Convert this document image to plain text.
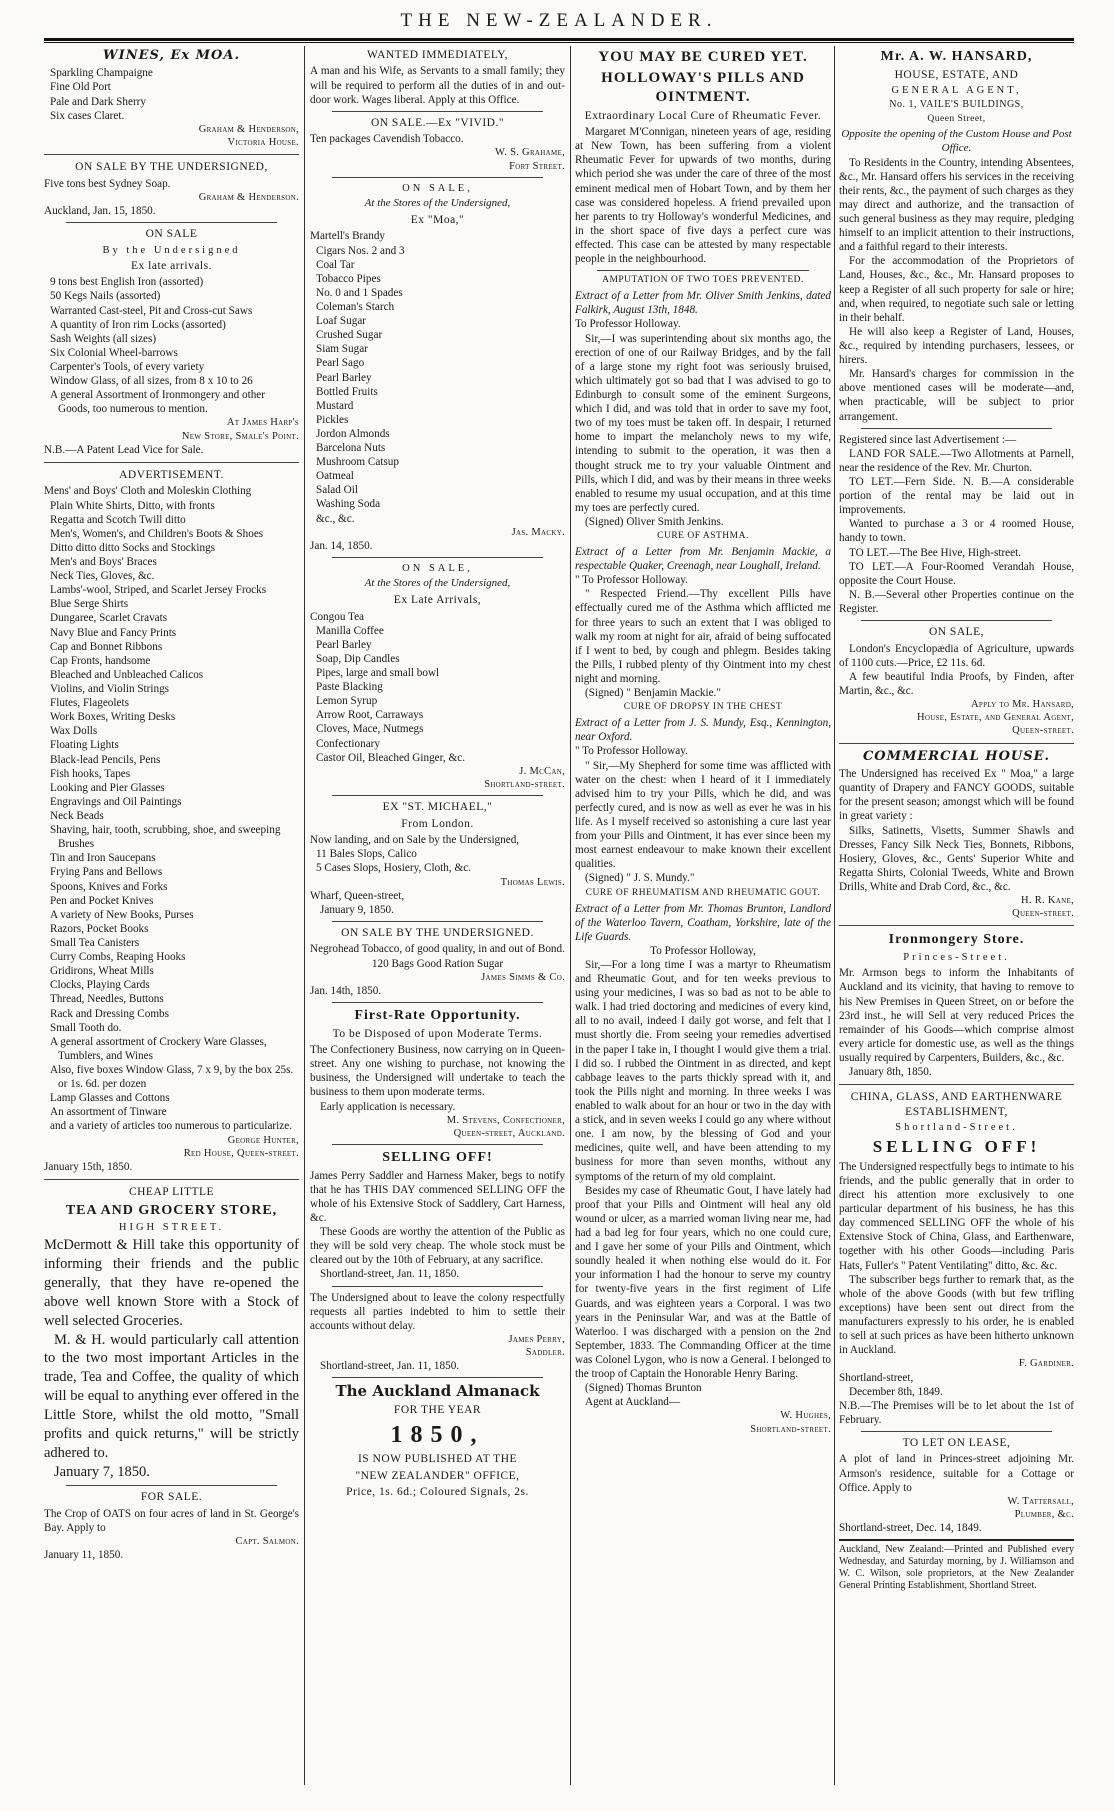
THE NEW-ZEALANDER.
WINES, Ex MOA.
Sparkling Champaigne
Fine Old Port
Pale and Dark Sherry
Six cases Claret.
Graham & Henderson,
Victoria House.
ON SALE BY THE UNDERSIGNED,

Five tons best Sydney Soap.

Graham & Henderson.

Auckland, Jan. 15, 1850.

ON SALE
By the Undersigned
Ex late arrivals.
9 tons best English Iron (assorted)
50 Kegs Nails (assorted)
Warranted Cast-steel, Pit and Cross-cut Saws
A quantity of Iron rim Locks (assorted)
Sash Weights (all sizes)
Six Colonial Wheel-barrows
Carpenter's Tools, of every variety
Window Glass, of all sizes, from 8 x 10 to 26
A general Assortment of Ironmongery and other Goods, too numerous to mention.
At James Harp's
New Store, Smale's Point.

N.B.—A Patent Lead Vice for Sale.

ADVERTISEMENT.

Mens' and Boys' Cloth and Moleskin Clothing

Plain White Shirts, Ditto, with fronts
Regatta and Scotch Twill ditto
Men's, Women's, and Children's Boots & Shoes
Ditto ditto ditto Socks and Stockings
Men's and Boys' Braces
Neck Ties, Gloves, &c.
Lambs'-wool, Striped, and Scarlet Jersey Frocks
Blue Serge Shirts
Dungaree, Scarlet Cravats
Navy Blue and Fancy Prints
Cap and Bonnet Ribbons
Cap Fronts, handsome
Bleached and Unbleached Calicos
Violins, and Violin Strings
Flutes, Flageolets
Work Boxes, Writing Desks
Wax Dolls
Floating Lights
Black-lead Pencils, Pens
Fish hooks, Tapes
Looking and Pier Glasses
Engravings and Oil Paintings
Neck Beads
Shaving, hair, tooth, scrubbing, shoe, and sweeping Brushes
Tin and Iron Saucepans
Frying Pans and Bellows
Spoons, Knives and Forks
Pen and Pocket Knives
A variety of New Books, Purses
Razors, Pocket Books
Small Tea Canisters
Curry Combs, Reaping Hooks
Gridirons, Wheat Mills
Clocks, Playing Cards
Thread, Needles, Buttons
Rack and Dressing Combs
Small Tooth do.
A general assortment of Crockery Ware Glasses, Tumblers, and Wines
Also, five boxes Window Glass, 7 x 9, by the box 25s. or 1s. 6d. per dozen
Lamp Glasses and Cottons
An assortment of Tinware
and a variety of articles too numerous to particularize.
George Hunter,
Red House, Queen-street.

January 15th, 1850.

CHEAP LITTLE
TEA AND GROCERY STORE,
HIGH STREET.

McDermott & Hill take this opportunity of informing their friends and the public generally, that they have re-opened the above well known Store with a Stock of well selected Groceries.

M. & H. would particularly call attention to the two most important Articles in the trade, Tea and Coffee, the quality of which will be equal to anything ever offered in the Little Store, whilst the old motto, "Small profits and quick returns," will be strictly adhered to.

January 7, 1850.

FOR SALE.

The Crop of OATS on four acres of land in St. George's Bay. Apply to

Capt. Salmon.

January 11, 1850.

WANTED IMMEDIATELY,

A man and his Wife, as Servants to a small family; they will be required to perform all the duties of in and out-door work. Wages liberal. Apply at this Office.

ON SALE.—Ex "VIVID."

Ten packages Cavendish Tobacco.

W. S. Grahame,
Fort Street.
ON SALE,
At the Stores of the Undersigned,
Ex "Moa,"

Martell's Brandy

Cigars Nos. 2 and 3
Coal Tar
Tobacco Pipes
No. 0 and 1 Spades
Coleman's Starch
Loaf Sugar
Crushed Sugar
Siam Sugar
Pearl Sago
Pearl Barley
Bottled Fruits
Mustard
Pickles
Jordon Almonds
Barcelona Nuts
Mushroom Catsup
Oatmeal
Salad Oil
Washing Soda
&c., &c.
Jas. Macky.

Jan. 14, 1850.

ON SALE,
At the Stores of the Undersigned,
Ex Late Arrivals,

Congou Tea

Manilla Coffee
Pearl Barley
Soap, Dip Candles
Pipes, large and small bowl
Paste Blacking
Lemon Syrup
Arrow Root, Carraways
Cloves, Mace, Nutmegs
Confectionary
Castor Oil, Bleached Ginger, &c.
J. McCan,
Shortland-street.
EX "ST. MICHAEL,"
From London.

Now landing, and on Sale by the Undersigned,

11 Bales Slops, Calico
5 Cases Slops, Hosiery, Cloth, &c.
Thomas Lewis.

Wharf, Queen-street,

January 9, 1850.

ON SALE BY THE UNDERSIGNED.

Negrohead Tobacco, of good quality, in and out of Bond.

120 Bags Good Ration Sugar

James Simms & Co.

Jan. 14th, 1850.

First-Rate Opportunity.
To be Disposed of upon Moderate Terms.

The Confectionery Business, now carrying on in Queen-street. Any one wishing to purchase, not knowing the business, the Undersigned will undertake to teach the business to them upon moderate terms.

Early application is necessary.

M. Stevens, Confectioner,
Queen-street, Auckland.
SELLING OFF!

James Perry Saddler and Harness Maker, begs to notify that he has THIS DAY commenced SELLING OFF the whole of his Extensive Stock of Saddlery, Cart Harness, &c.

These Goods are worthy the attention of the Public as they will be sold very cheap. The whole stock must be cleared out by the 10th of February, at any sacrifice.

Shortland-street, Jan. 11, 1850.

The Undersigned about to leave the colony respectfully requests all parties indebted to him to settle their accounts without delay.

James Perry,
Saddler.

Shortland-street, Jan. 11, 1850.

The Auckland Almanack
FOR THE YEAR
1850,
IS NOW PUBLISHED AT THE
"NEW ZEALANDER" OFFICE,
Price, 1s. 6d.; Coloured Signals, 2s.
YOU MAY BE CURED YET.
HOLLOWAY'S PILLS AND OINTMENT.
Extraordinary Local Cure of Rheumatic Fever.

Margaret M'Connigan, nineteen years of age, residing at New Town, has been suffering from a violent Rheumatic Fever for upwards of two months, during which period she was under the care of three of the most eminent medical men of Hobart Town, and by them her case was considered hopeless. A friend prevailed upon her parents to try Holloway's wonderful Medicines, and in the short space of five days a perfect cure was effected. This case can be attested by many respectable people in the neighbourhood.

AMPUTATION OF TWO TOES PREVENTED.

Extract of a Letter from Mr. Oliver Smith Jenkins, dated Falkirk, August 13th, 1848.

To Professor Holloway.

Sir,—I was superintending about six months ago, the erection of one of our Railway Bridges, and by the fall of a large stone my right foot was seriously bruised, which ultimately got so bad that I was advised to go to Edinburgh to consult some of the eminent Surgeons, which I did, and was told that in order to save my foot, two of my toes must be taken off. In despair, I returned home to impart the melancholy news to my wife, intending to submit to the operation, it was then a thought struck me to try your valuable Ointment and Pills, which I did, and was by their means in three weeks enabled to resume my usual occupation, and at this time my toes are perfectly cured.

(Signed) Oliver Smith Jenkins.

CURE OF ASTHMA.

Extract of a Letter from Mr. Benjamin Mackie, a respectable Quaker, Creenagh, near Loughall, Ireland.

" To Professor Holloway.

" Respected Friend.—Thy excellent Pills have effectually cured me of the Asthma which afflicted me for three years to such an extent that I was obliged to walk my room at night for air, afraid of being suffocated if I went to bed, by cough and phlegm. Besides taking the Pills, I rubbed plenty of thy Ointment into my chest night and morning.

(Signed) " Benjamin Mackie."

CURE OF DROPSY IN THE CHEST

Extract of a Letter from J. S. Mundy, Esq., Kennington, near Oxford.

" To Professor Holloway.

" Sir,—My Shepherd for some time was afflicted with water on the chest: when I heard of it I immediately advised him to try your Pills, which he did, and was perfectly cured, and is now as well as ever he was in his life. As I myself received so astonishing a cure last year from your Pills and Ointment, it has ever since been my most earnest endeavour to make known their excellent qualities.

(Signed) " J. S. Mundy."

CURE OF RHEUMATISM AND RHEUMATIC GOUT.

Extract of a Letter from Mr. Thomas Brunton, Landlord of the Waterloo Tavern, Coatham, Yorkshire, late of the Life Guards.

To Professor Holloway,

Sir,—For a long time I was a martyr to Rheumatism and Rheumatic Gout, and for ten weeks previous to using your medicines, I was so bad as not to be able to walk. I had tried doctoring and medicines of every kind, all to no avail, indeed I daily got worse, and felt that I must shortly die. From seeing your remedies advertised in the paper I take in, I thought I would give them a trial. I did so. I rubbed the Ointment in as directed, and kept cabbage leaves to the parts thickly spread with it, and took the Pills night and morning. In three weeks I was enabled to walk about for an hour or two in the day with a stick, and in seven weeks I could go any where without one. I am now, by the blessing of God and your medicines, quite well, and have been attending to my business for more than seven months, without any symptoms of the return of my old complaint.

Besides my case of Rheumatic Gout, I have lately had proof that your Pills and Ointment will heal any old wound or ulcer, as a married woman living near me, had had a bad leg for four years, which no one could cure, and I gave her some of your Pills and Ointment, which soundly healed it when nothing else would do it. For your information I had the honour to serve my country for twenty-five years in the first regiment of Life Guards, and was eighteen years a Corporal. I was two years in the Peninsular War, and was at the Battle of Waterloo. I was discharged with a pension on the 2nd September, 1833. The Commanding Officer at the time was Colonel Lygon, who is now a General. I belonged to the troop of Captain the Honorable Henry Baring.

(Signed) Thomas Brunton

Agent at Auckland—

W. Hughes,
Shortland-street.
Mr. A. W. HANSARD,
HOUSE, ESTATE, AND
GENERAL AGENT,
No. 1, VAILE'S BUILDINGS,
Queen Street,
Opposite the opening of the Custom House and Post Office.

To Residents in the Country, intending Absentees, &c., Mr. Hansard offers his services in the receiving their rents, &c., the payment of such charges as they may direct and authorize, and the transaction of such general business as they may require, pledging himself to an implicit attention to their instructions, and a faithful regard to their interests.

For the accommodation of the Proprietors of Land, Houses, &c., &c., Mr. Hansard proposes to keep a Register of all such property for sale or hire; and, when required, to negotiate such sale or letting in their behalf.

He will also keep a Register of Land, Houses, &c., required by intending purchasers, lessees, or hirers.

Mr. Hansard's charges for commission in the above mentioned cases will be moderate—and, when practicable, will be subject to prior arrangement.

Registered since last Advertisement :—

LAND FOR SALE.—Two Allotments at Parnell, near the residence of the Rev. Mr. Churton.

TO LET.—Fern Side. N. B.—A considerable portion of the rental may be laid out in improvements.

Wanted to purchase a 3 or 4 roomed House, handy to town.

TO LET.—The Bee Hive, High-street.

TO LET.—A Four-Roomed Verandah House, opposite the Court House.

N. B.—Several other Properties continue on the Register.

ON SALE,

London's Encyclopædia of Agriculture, upwards of 1100 cuts.—Price, £2 11s. 6d.

A few beautiful India Proofs, by Finden, after Martin, &c., &c.

Apply to Mr. Hansard,
House, Estate, and General Agent,
Queen-street.
COMMERCIAL HOUSE.

The Undersigned has received Ex " Moa," a large quantity of Drapery and FANCY GOODS, suitable for the present season; amongst which will be found in great variety :

Silks, Satinetts, Visetts, Summer Shawls and Dresses, Fancy Silk Neck Ties, Bonnets, Ribbons, Hosiery, Gloves, &c., Gents' Superior White and Regatta Shirts, Colonial Tweeds, White and Brown Drills, White and Drab Cord, &c., &c.

H. R. Kane,
Queen-street.
Ironmongery Store.
Princes-Street.

Mr. Armson begs to inform the Inhabitants of Auckland and its vicinity, that having to remove to his New Premises in Queen Street, on or before the 23rd inst., he will Sell at very reduced Prices the remainder of his Goods—which comprise almost every article for domestic use, as well as the things usually required by Carpenters, Builders, &c., &c.

January 8th, 1850.

CHINA, GLASS, AND EARTHENWARE ESTABLISHMENT,
Shortland-Street.
SELLING OFF!

The Undersigned respectfully begs to intimate to his friends, and the public generally that in order to direct his attention more exclusively to one particular department of his business, he has this day commenced SELLING OFF the whole of his Extensive Stock of China, Glass, and Earthenware, together with his other Goods—including Paris Hats, Fuller's " Patent Ventilating" ditto, &c. &c.

The subscriber begs further to remark that, as the whole of the above Goods (with but few trifling exceptions) have been sent out direct from the manufacturers expressly to his order, he is enabled to sell at such prices as have been hitherto unknown in Auckland.

F. Gardiner.

Shortland-street,

December 8th, 1849.

N.B.—The Premises will be to let about the 1st of February.

TO LET ON LEASE,

A plot of land in Princes-street adjoining Mr. Armson's residence, suitable for a Cottage or Office. Apply to

W. Tattersall,
Plumber, &c.

Shortland-street, Dec. 14, 1849.

Auckland, New Zealand:—Printed and Published every Wednesday, and Saturday morning, by J. Williamson and W. C. Wilson, sole proprietors, at the New Zealander General Printing Establishment, Shortland Street.
